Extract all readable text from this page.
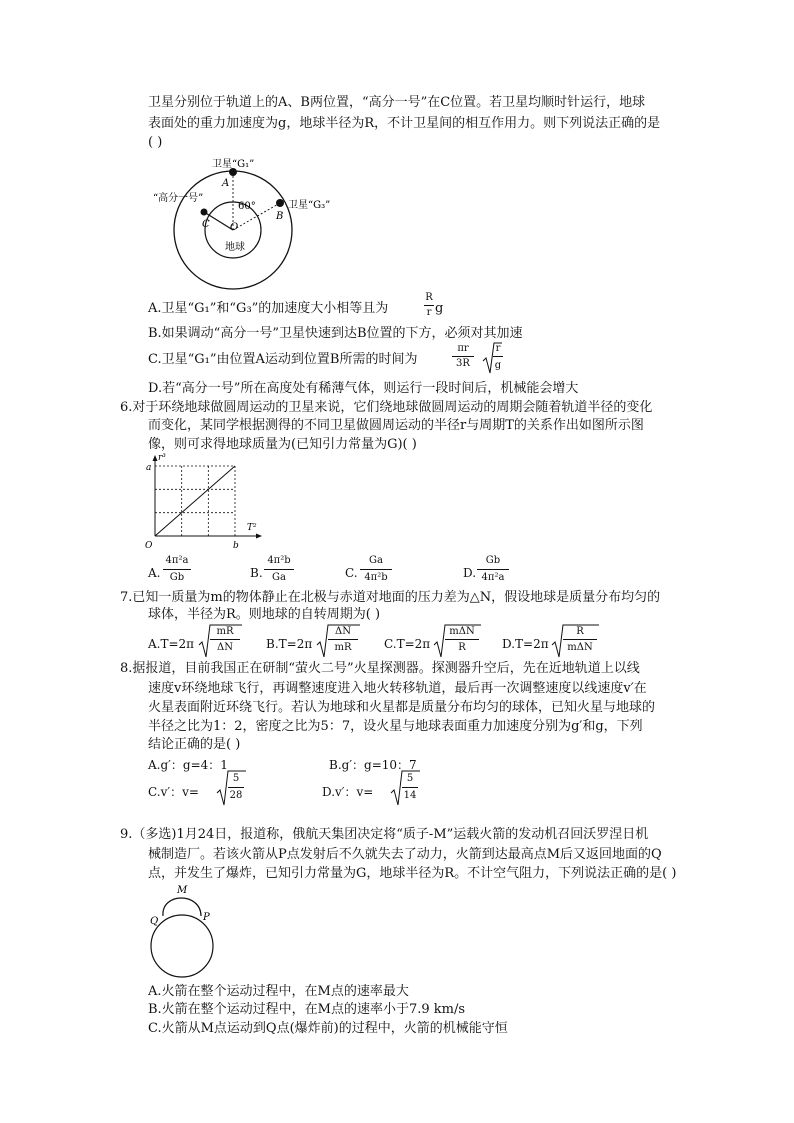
卫星分别位于轨道上的A、B两位置，“高分一号”在C位置。若卫星均顺时针运行，地球
表面处的重力加速度为g，地球半径为R，不计卫星间的相互作用力。则下列说法正确的是
( )
卫星“G₁”
卫星“G₃”
“高分一号”
A
B
C
60°
O
地球
A.卫星“G₁”和“G₃”的加速度大小相等且为
R
r g
B.如果调动“高分一号”卫星快速到达B位置的下方，必须对其加速
C.卫星“G₁”由位置A运动到位置B所需的时间为
πr
3R
r
g
D.若“高分一号”所在高度处有稀薄气体，则运行一段时间后，机械能会增大
6.对于环绕地球做圆周运动的卫星来说，它们绕地球做圆周运动的周期会随着轨道半径的变化
而变化，某同学根据测得的不同卫星做圆周运动的半径r与周期T的关系作出如图所示图
像，则可求得地球质量为(已知引力常量为G)( )
r³
T²
a
O	b
A.
4π²a
Gb	B.
4π²b
Ga	C.
Ga
4π²b	D.
Gb
4π²a
7.已知一质量为m的物体静止在北极与赤道对地面的压力差为△N，假设地球是质量分布均匀的
球体，半径为R。则地球的自转周期为( )
A.T=2π
mR
ΔN	B.T=2π
ΔN
mR	C.T=2π
mΔN
R	D.T=2π
R
mΔN
8.据报道，目前我国正在研制“萤火二号”火星探测器。探测器升空后，先在近地轨道上以线
速度v环绕地球飞行，再调整速度进入地火转移轨道，最后再一次调整速度以线速度v′在
火星表面附近环绕飞行。若认为地球和火星都是质量分布均匀的球体，已知火星与地球的
半径之比为1：2，密度之比为5：7，设火星与地球表面重力加速度分别为g′和g，下列
结论正确的是( )
A.g′：g=4：1	B.g′：g=10：7
C.v′：v=
5
28	D.v′：v=
5
14
9.（多选)1月24日，报道称，俄航天集团决定将“质子-M”运载火箭的发动机召回沃罗涅日机
械制造厂。若该火箭从P点发射后不久就失去了动力，火箭到达最高点M后又返回地面的Q
点，并发生了爆炸，已知引力常量为G，地球半径为R。不计空气阻力，下列说法正确的是( )
M
Q	P
A.火箭在整个运动过程中，在M点的速率最大
B.火箭在整个运动过程中，在M点的速率小于7.9 km/s
C.火箭从M点运动到Q点(爆炸前)的过程中，火箭的机械能守恒
